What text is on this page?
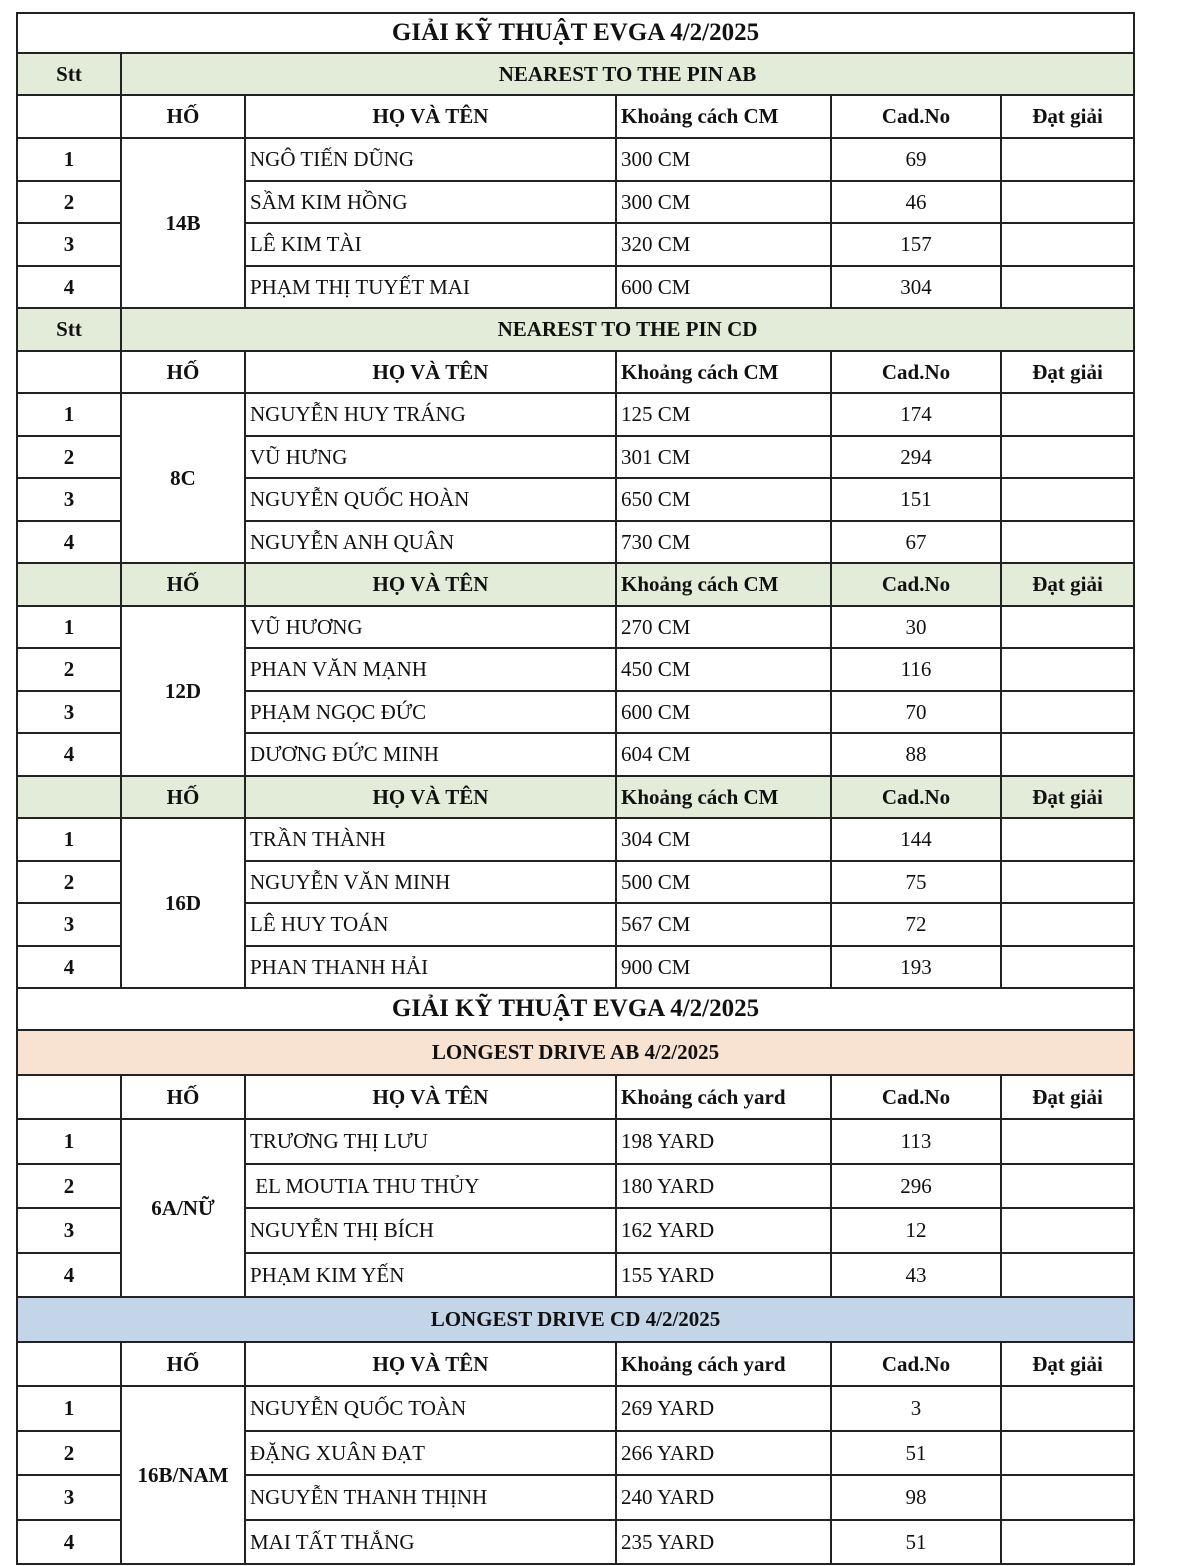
GIẢI KỸ THUẬT EVGA 4/2/2025					
Stt	NEAREST TO THE PIN AB				
	HỐ	HỌ VÀ TÊN	Khoảng cách CM	Cad.No	Đạt giải
1	14B	NGÔ TIẾN DŨNG	300 CM	69	
2		SẦM KIM HỒNG	300 CM	46	
3		LÊ KIM TÀI	320 CM	157	
4		PHẠM THỊ TUYẾT MAI	600 CM	304	
Stt	NEAREST TO THE PIN CD				
	HỐ	HỌ VÀ TÊN	Khoảng cách CM	Cad.No	Đạt giải
1	8C	NGUYỄN HUY TRÁNG	125 CM	174	
2		VŨ HƯNG	301 CM	294	
3		NGUYỄN QUỐC HOÀN	650 CM	151	
4		NGUYỄN ANH QUÂN	730 CM	67	
	HỐ	HỌ VÀ TÊN	Khoảng cách CM	Cad.No	Đạt giải
1	12D	VŨ HƯƠNG	270 CM	30	
2		PHAN VĂN MẠNH	450 CM	116	
3		PHẠM NGỌC ĐỨC	600 CM	70	
4		DƯƠNG ĐỨC MINH	604 CM	88	
	HỐ	HỌ VÀ TÊN	Khoảng cách CM	Cad.No	Đạt giải
1	16D	TRẦN THÀNH	304 CM	144	
2		NGUYỄN VĂN MINH	500 CM	75	
3		LÊ HUY TOÁN	567 CM	72	
4		PHAN THANH HẢI	900 CM	193	
GIẢI KỸ THUẬT EVGA 4/2/2025					
LONGEST DRIVE AB 4/2/2025					
	HỐ	HỌ VÀ TÊN	Khoảng cách yard	Cad.No	Đạt giải
1	6A/NỮ	TRƯƠNG THỊ LƯU	198 YARD	113	
2		EL MOUTIA THU THỦY	180 YARD	296	
3		NGUYỄN THỊ BÍCH	162 YARD	12	
4		PHẠM KIM YẾN	155 YARD	43	
LONGEST DRIVE CD 4/2/2025					
	HỐ	HỌ VÀ TÊN	Khoảng cách yard	Cad.No	Đạt giải
1	16B/NAM	NGUYỄN QUỐC TOÀN	269 YARD	3	
2		ĐẶNG XUÂN ĐẠT	266 YARD	51	
3		NGUYỄN THANH THỊNH	240 YARD	98	
4		MAI TẤT THẮNG	235 YARD	51	
